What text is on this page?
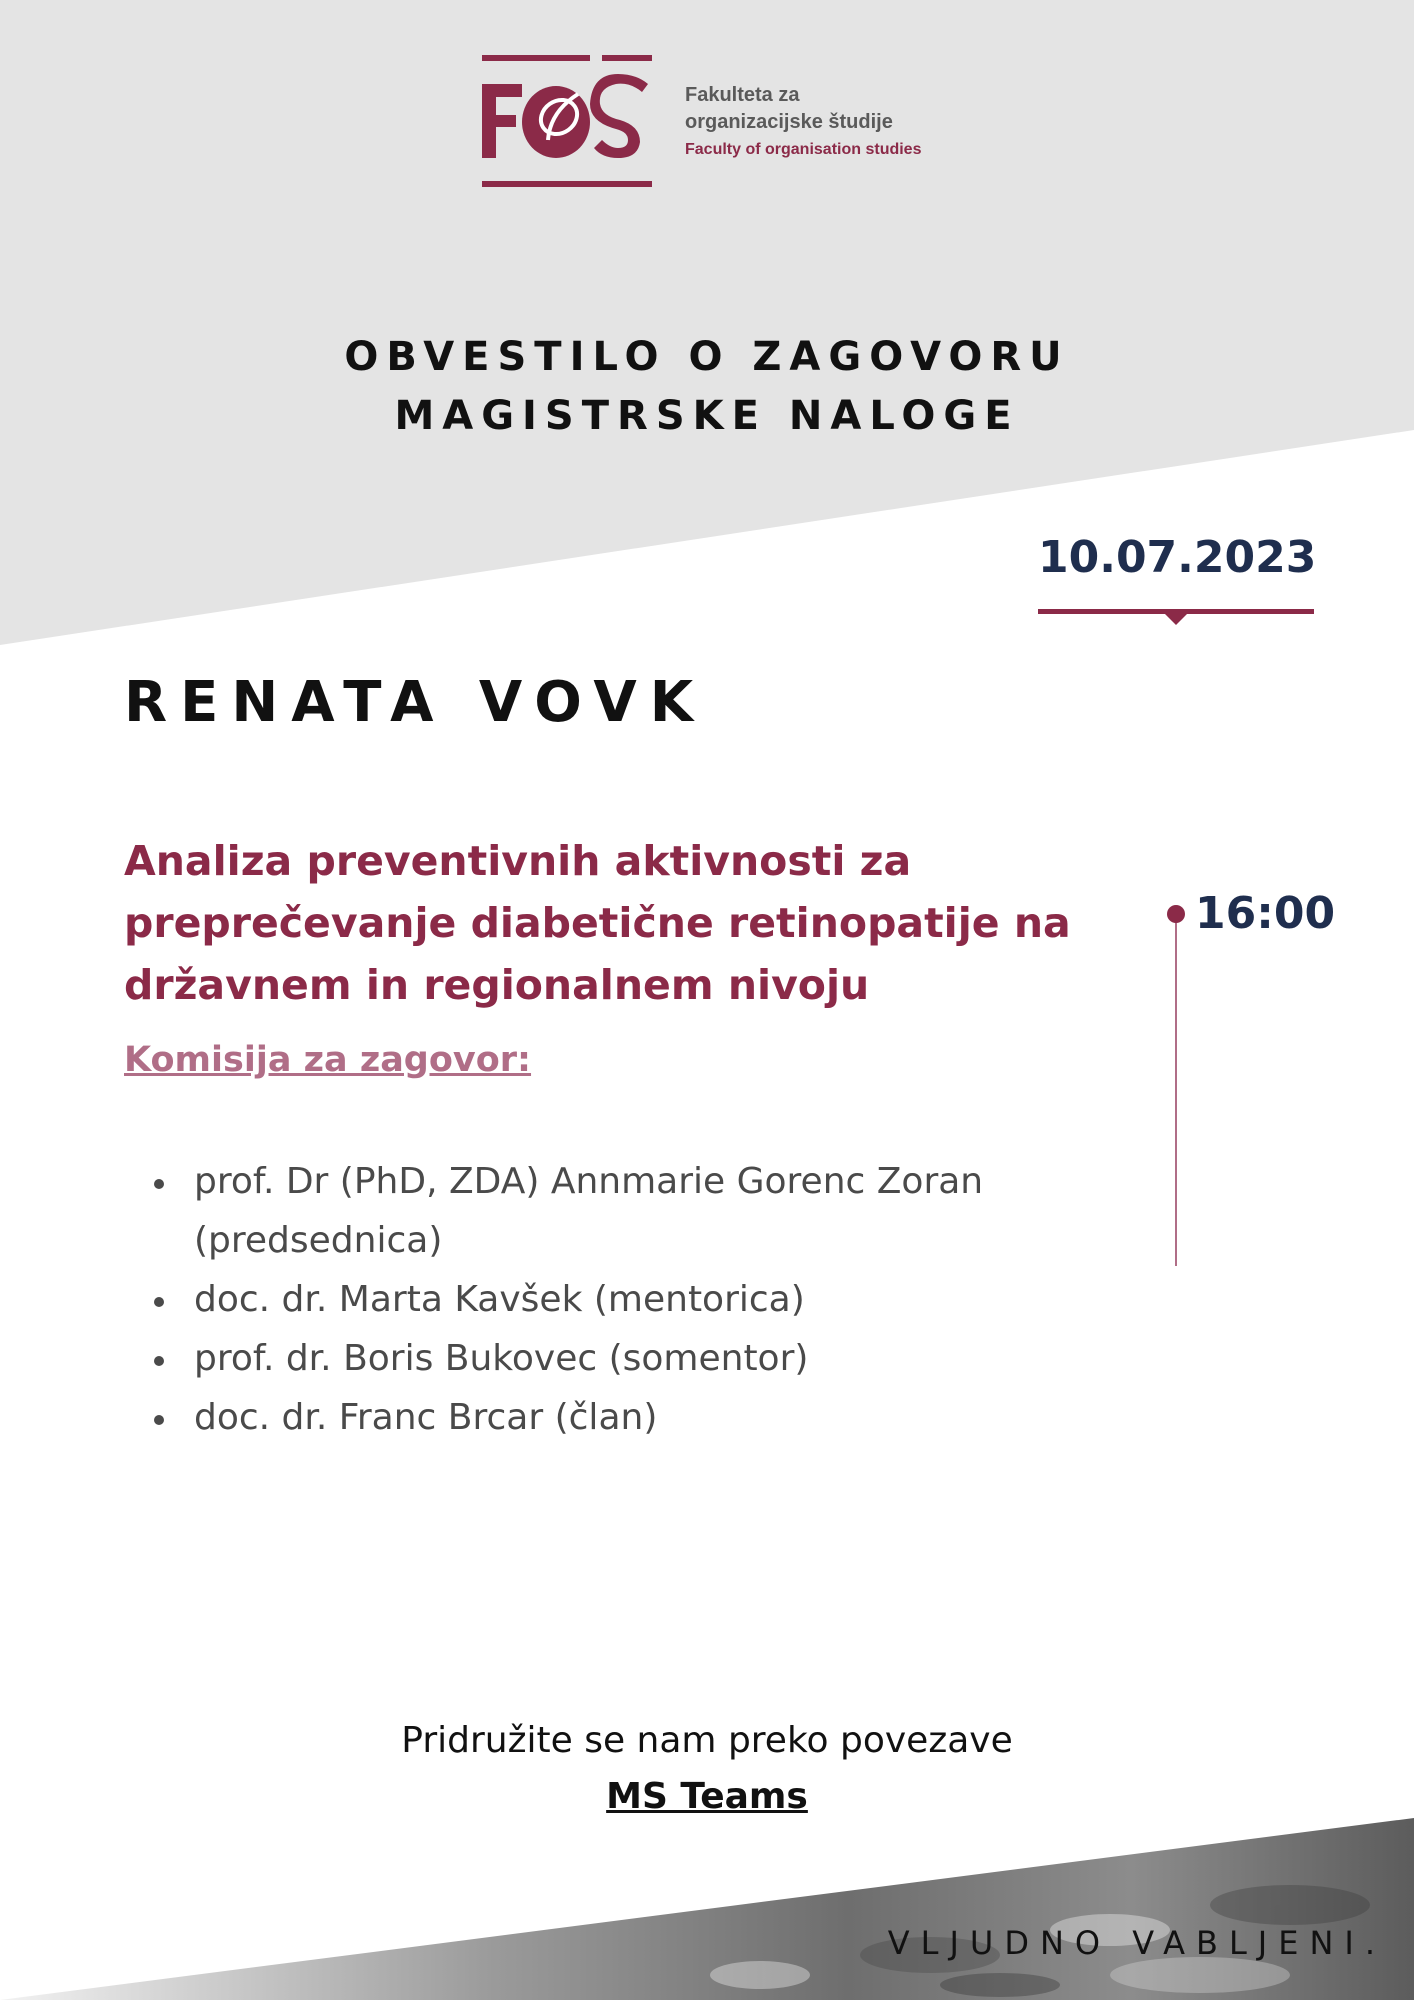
Fakulteta za
organizacijske študije
Faculty of organisation studies
OBVESTILO O ZAGOVORU
MAGISTRSKE NALOGE
10.07.2023
RENATA VOVK
Analiza preventivnih aktivnosti za
preprečevanje diabetične retinopatije na
državnem in regionalnem nivoju
Komisija za zagovor:
prof. Dr (PhD, ZDA) Annmarie Gorenc Zoran
(predsednica)
doc. dr. Marta Kavšek (mentorica)
prof. dr. Boris Bukovec (somentor)
doc. dr. Franc Brcar (član)
16:00
Pridružite se nam preko povezave
MS Teams
VLJUDNO VABLJENI.
